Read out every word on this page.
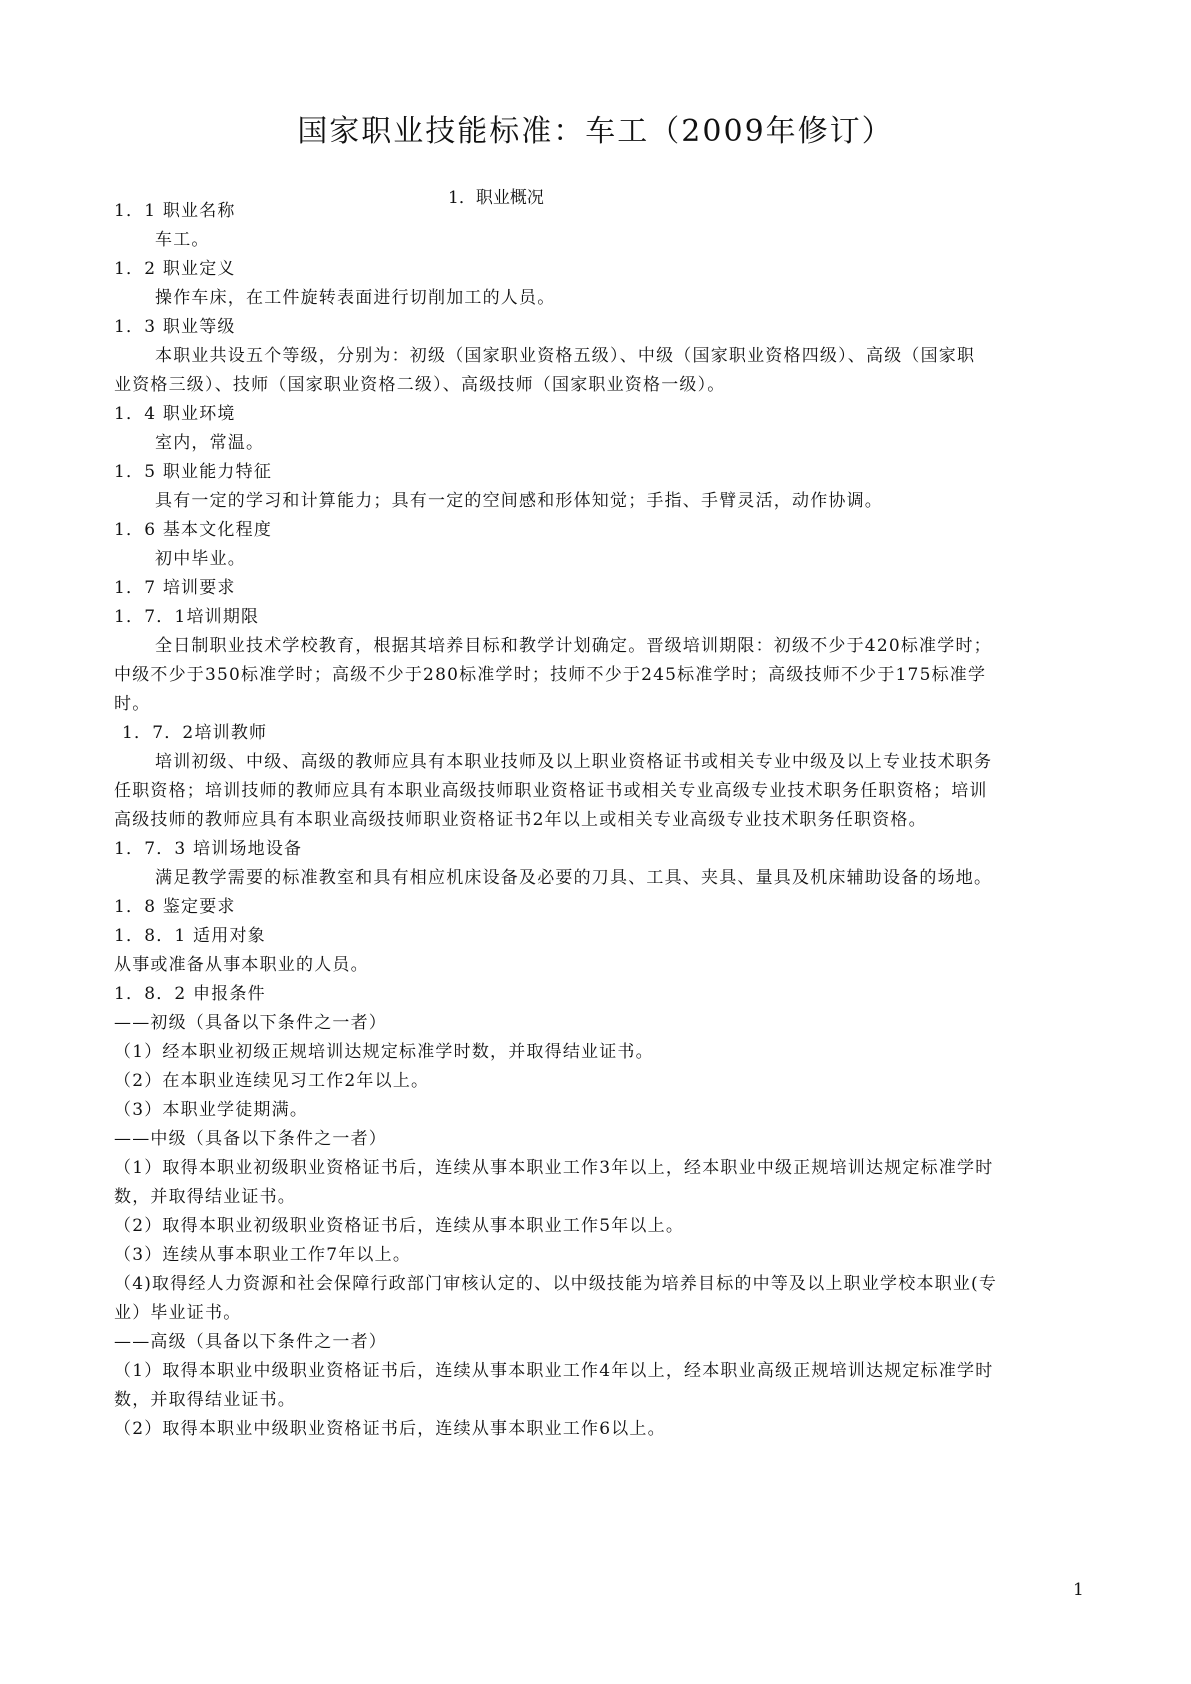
国家职业技能标准：车工（2009年修订）
1．职业概况
1．1 职业名称
车工。
1．2 职业定义
操作车床，在工件旋转表面进行切削加工的人员。
1．3 职业等级
本职业共设五个等级，分别为：初级（国家职业资格五级）、中级（国家职业资格四级）、高级（国家职
业资格三级）、技师（国家职业资格二级）、高级技师（国家职业资格一级）。
1．4 职业环境
室内，常温。
1．5 职业能力特征
具有一定的学习和计算能力；具有一定的空间感和形体知觉；手指、手臂灵活，动作协调。
1．6 基本文化程度
初中毕业。
1．7 培训要求
1．7．1培训期限
全日制职业技术学校教育，根据其培养目标和教学计划确定。晋级培训期限：初级不少于420标准学时；
中级不少于350标准学时；高级不少于280标准学时；技师不少于245标准学时；高级技师不少于175标准学
时。
1．7．2培训教师
培训初级、中级、高级的教师应具有本职业技师及以上职业资格证书或相关专业中级及以上专业技术职务
任职资格；培训技师的教师应具有本职业高级技师职业资格证书或相关专业高级专业技术职务任职资格；培训
高级技师的教师应具有本职业高级技师职业资格证书2年以上或相关专业高级专业技术职务任职资格。
1．7．3 培训场地设备
满足教学需要的标准教室和具有相应机床设备及必要的刀具、工具、夹具、量具及机床辅助设备的场地。
1．8 鉴定要求
1．8．1 适用对象
从事或准备从事本职业的人员。
1．8．2 申报条件
——初级（具备以下条件之一者）
（1）经本职业初级正规培训达规定标准学时数，并取得结业证书。
（2）在本职业连续见习工作2年以上。
（3）本职业学徒期满。
——中级（具备以下条件之一者）
（1）取得本职业初级职业资格证书后，连续从事本职业工作3年以上，经本职业中级正规培训达规定标准学时
数，并取得结业证书。
（2）取得本职业初级职业资格证书后，连续从事本职业工作5年以上。
（3）连续从事本职业工作7年以上。
（4)取得经人力资源和社会保障行政部门审核认定的、以中级技能为培养目标的中等及以上职业学校本职业(专
业）毕业证书。
——高级（具备以下条件之一者）
（1）取得本职业中级职业资格证书后，连续从事本职业工作4年以上，经本职业高级正规培训达规定标准学时
数，并取得结业证书。
（2）取得本职业中级职业资格证书后，连续从事本职业工作6以上。
1
